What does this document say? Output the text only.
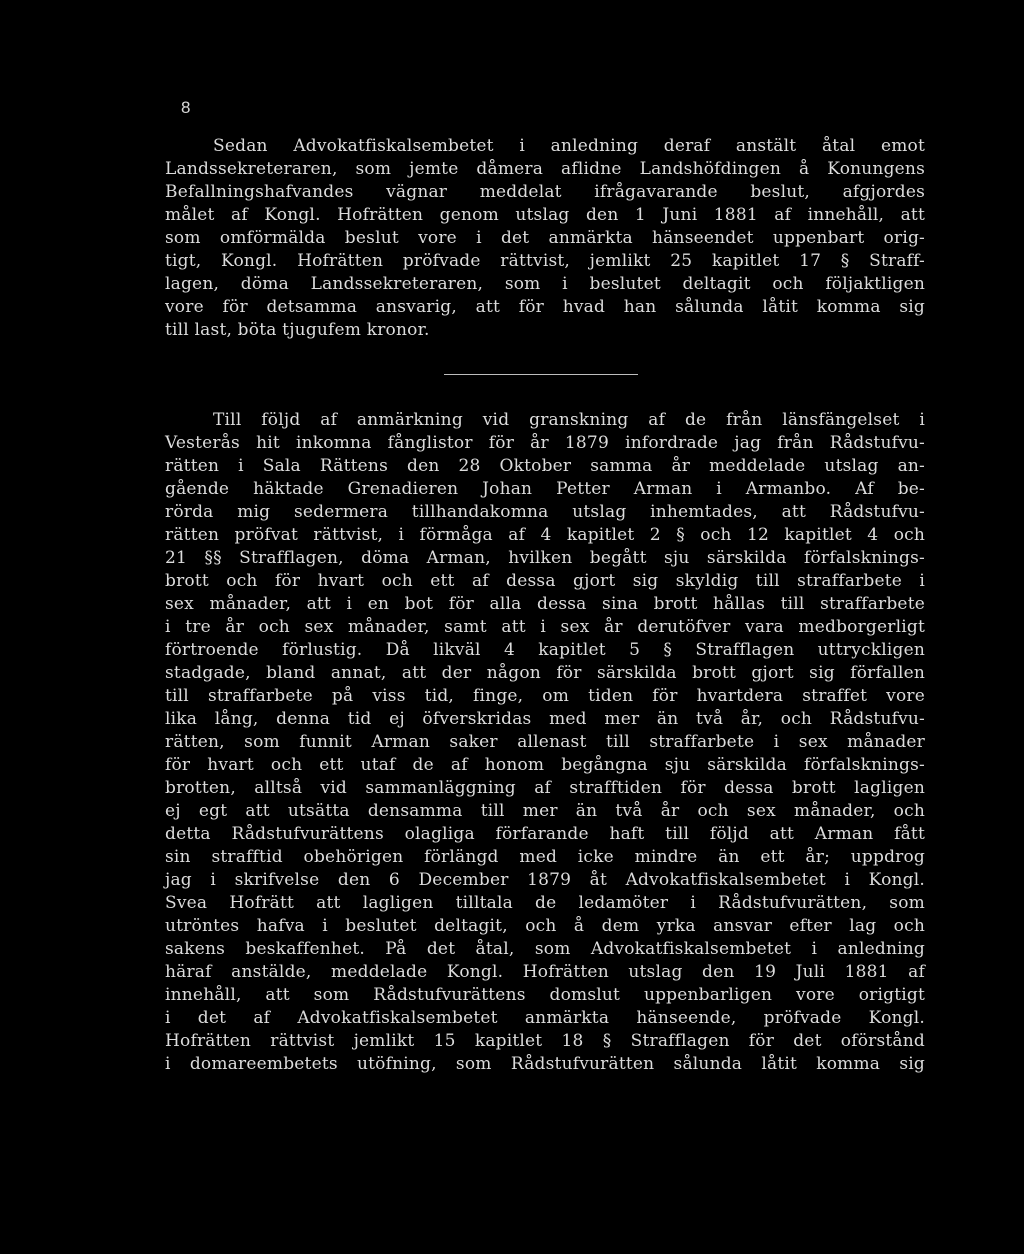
8
Sedan Advokatfiskalsembetet i anledning deraf anstält åtal emot
Landssekreteraren, som jemte dåmera aflidne Landshöfdingen å Konungens
Befallningshafvandes vägnar meddelat ifrågavarande beslut, afgjordes
målet af Kongl. Hofrätten genom utslag den 1 Juni 1881 af innehåll, att
som omförmälda beslut vore i det anmärkta hänseendet uppenbart orig-
tigt, Kongl. Hofrätten pröfvade rättvist, jemlikt 25 kapitlet 17 § Straff-
lagen, döma Landssekreteraren, som i beslutet deltagit och följaktligen
vore för detsamma ansvarig, att för hvad han sålunda låtit komma sig
till last, böta tjugufem kronor.
Till följd af anmärkning vid granskning af de från länsfängelset i
Vesterås hit inkomna fånglistor för år 1879 infordrade jag från Rådstufvu-
rätten i Sala Rättens den 28 Oktober samma år meddelade utslag an-
gående häktade Grenadieren Johan Petter Arman i Armanbo. Af be-
rörda mig sedermera tillhandakomna utslag inhemtades, att Rådstufvu-
rätten pröfvat rättvist, i förmåga af 4 kapitlet 2 § och 12 kapitlet 4 och
21 §§ Strafflagen, döma Arman, hvilken begått sju särskilda förfalsknings-
brott och för hvart och ett af dessa gjort sig skyldig till straffarbete i
sex månader, att i en bot för alla dessa sina brott hållas till straffarbete
i tre år och sex månader, samt att i sex år derutöfver vara medborgerligt
förtroende förlustig. Då likväl 4 kapitlet 5 § Strafflagen uttryckligen
stadgade, bland annat, att der någon för särskilda brott gjort sig förfallen
till straffarbete på viss tid, finge, om tiden för hvartdera straffet vore
lika lång, denna tid ej öfverskridas med mer än två år, och Rådstufvu-
rätten, som funnit Arman saker allenast till straffarbete i sex månader
för hvart och ett utaf de af honom begångna sju särskilda förfalsknings-
brotten, alltså vid sammanläggning af strafftiden för dessa brott lagligen
ej egt att utsätta densamma till mer än två år och sex månader, och
detta Rådstufvurättens olagliga förfarande haft till följd att Arman fått
sin strafftid obehörigen förlängd med icke mindre än ett år; uppdrog
jag i skrifvelse den 6 December 1879 åt Advokatfiskalsembetet i Kongl.
Svea Hofrätt att lagligen tilltala de ledamöter i Rådstufvurätten, som
utröntes hafva i beslutet deltagit, och å dem yrka ansvar efter lag och
sakens beskaffenhet. På det åtal, som Advokatfiskalsembetet i anledning
häraf anstälde, meddelade Kongl. Hofrätten utslag den 19 Juli 1881 af
innehåll, att som Rådstufvurättens domslut uppenbarligen vore origtigt
i det af Advokatfiskalsembetet anmärkta hänseende, pröfvade Kongl.
Hofrätten rättvist jemlikt 15 kapitlet 18 § Strafflagen för det oförstånd
i domareembetets utöfning, som Rådstufvurätten sålunda låtit komma sig
